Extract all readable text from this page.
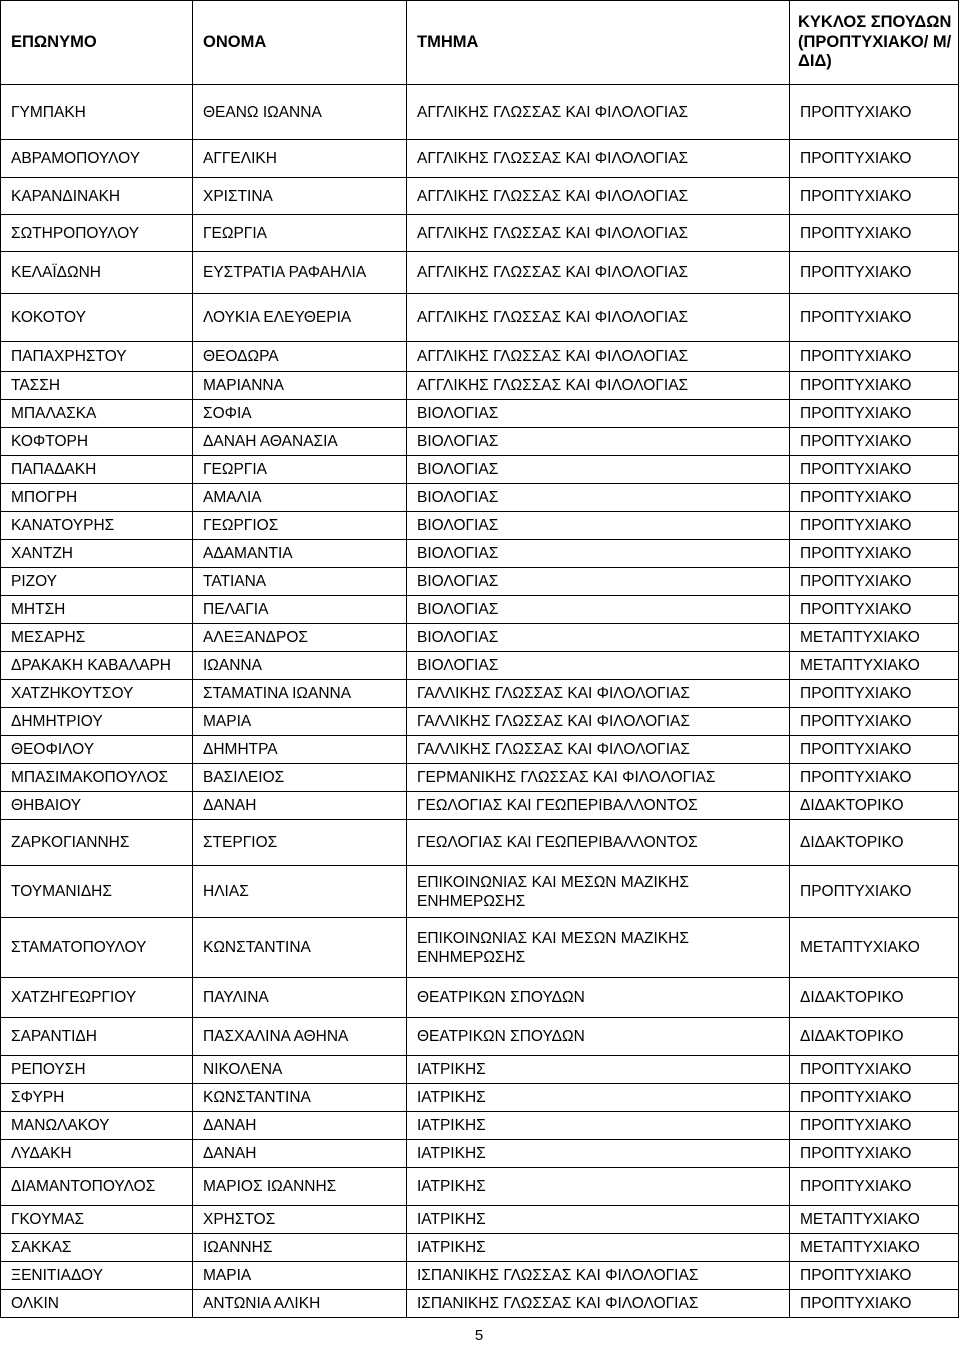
ΕΠΩΝΥΜΟ	ΟΝΟΜΑ	ΤΜΗΜΑ	ΚΥΚΛΟΣ ΣΠΟΥΔΩΝ (ΠΡΟΠΤΥΧΙΑΚΟ/ Μ/ΔΙΔ)
ΓΥΜΠΑΚΗ	ΘΕΑΝΩ ΙΩΑΝΝΑ	ΑΓΓΛΙΚΗΣ ΓΛΩΣΣΑΣ ΚΑΙ ΦΙΛΟΛΟΓΙΑΣ	ΠΡΟΠΤΥΧΙΑΚΟ
ΑΒΡΑΜΟΠΟΥΛΟΥ	ΑΓΓΕΛΙΚΗ	ΑΓΓΛΙΚΗΣ ΓΛΩΣΣΑΣ ΚΑΙ ΦΙΛΟΛΟΓΙΑΣ	ΠΡΟΠΤΥΧΙΑΚΟ
ΚΑΡΑΝΔΙΝΑΚΗ	ΧΡΙΣΤΙΝΑ	ΑΓΓΛΙΚΗΣ ΓΛΩΣΣΑΣ ΚΑΙ ΦΙΛΟΛΟΓΙΑΣ	ΠΡΟΠΤΥΧΙΑΚΟ
ΣΩΤΗΡΟΠΟΥΛΟΥ	ΓΕΩΡΓΙΑ	ΑΓΓΛΙΚΗΣ ΓΛΩΣΣΑΣ ΚΑΙ ΦΙΛΟΛΟΓΙΑΣ	ΠΡΟΠΤΥΧΙΑΚΟ
ΚΕΛΑΪΔΩΝΗ	ΕΥΣΤΡΑΤΙΑ ΡΑΦΑΗΛΙΑ	ΑΓΓΛΙΚΗΣ ΓΛΩΣΣΑΣ ΚΑΙ ΦΙΛΟΛΟΓΙΑΣ	ΠΡΟΠΤΥΧΙΑΚΟ
ΚΟΚΟΤΟΥ	ΛΟΥΚΙΑ ΕΛΕΥΘΕΡΙΑ	ΑΓΓΛΙΚΗΣ ΓΛΩΣΣΑΣ ΚΑΙ ΦΙΛΟΛΟΓΙΑΣ	ΠΡΟΠΤΥΧΙΑΚΟ
ΠΑΠΑΧΡΗΣΤΟΥ	ΘΕΟΔΩΡΑ	ΑΓΓΛΙΚΗΣ ΓΛΩΣΣΑΣ ΚΑΙ ΦΙΛΟΛΟΓΙΑΣ	ΠΡΟΠΤΥΧΙΑΚΟ
ΤΑΣΣΗ	ΜΑΡΙΑΝΝΑ	ΑΓΓΛΙΚΗΣ ΓΛΩΣΣΑΣ ΚΑΙ ΦΙΛΟΛΟΓΙΑΣ	ΠΡΟΠΤΥΧΙΑΚΟ
ΜΠΑΛΑΣΚΑ	ΣΟΦΙΑ	ΒΙΟΛΟΓΙΑΣ	ΠΡΟΠΤΥΧΙΑΚΟ
ΚΟΦΤΟΡΗ	ΔΑΝΑΗ ΑΘΑΝΑΣΙΑ	ΒΙΟΛΟΓΙΑΣ	ΠΡΟΠΤΥΧΙΑΚΟ
ΠΑΠΑΔΑΚΗ	ΓΕΩΡΓΙΑ	ΒΙΟΛΟΓΙΑΣ	ΠΡΟΠΤΥΧΙΑΚΟ
ΜΠΟΓΡΗ	ΑΜΑΛΙΑ	ΒΙΟΛΟΓΙΑΣ	ΠΡΟΠΤΥΧΙΑΚΟ
ΚΑΝΑΤΟΥΡΗΣ	ΓΕΩΡΓΙΟΣ	ΒΙΟΛΟΓΙΑΣ	ΠΡΟΠΤΥΧΙΑΚΟ
ΧΑΝΤΖΗ	ΑΔΑΜΑΝΤΙΑ	ΒΙΟΛΟΓΙΑΣ	ΠΡΟΠΤΥΧΙΑΚΟ
ΡΙΖΟΥ	ΤΑΤΙΑΝΑ	ΒΙΟΛΟΓΙΑΣ	ΠΡΟΠΤΥΧΙΑΚΟ
ΜΗΤΣΗ	ΠΕΛΑΓΙΑ	ΒΙΟΛΟΓΙΑΣ	ΠΡΟΠΤΥΧΙΑΚΟ
ΜΕΣΑΡΗΣ	ΑΛΕΞΑΝΔΡΟΣ	ΒΙΟΛΟΓΙΑΣ	ΜΕΤΑΠΤΥΧΙΑΚΟ
ΔΡΑΚΑΚΗ ΚΑΒΑΛΑΡΗ	ΙΩΑΝΝΑ	ΒΙΟΛΟΓΙΑΣ	ΜΕΤΑΠΤΥΧΙΑΚΟ
ΧΑΤΖΗΚΟΥΤΣΟΥ	ΣΤΑΜΑΤΙΝΑ ΙΩΑΝΝΑ	ΓΑΛΛΙΚΗΣ ΓΛΩΣΣΑΣ ΚΑΙ ΦΙΛΟΛΟΓΙΑΣ	ΠΡΟΠΤΥΧΙΑΚΟ
ΔΗΜΗΤΡΙΟΥ	ΜΑΡΙΑ	ΓΑΛΛΙΚΗΣ ΓΛΩΣΣΑΣ ΚΑΙ ΦΙΛΟΛΟΓΙΑΣ	ΠΡΟΠΤΥΧΙΑΚΟ
ΘΕΟΦΙΛΟΥ	ΔΗΜΗΤΡΑ	ΓΑΛΛΙΚΗΣ ΓΛΩΣΣΑΣ ΚΑΙ ΦΙΛΟΛΟΓΙΑΣ	ΠΡΟΠΤΥΧΙΑΚΟ
ΜΠΑΣΙΜΑΚΟΠΟΥΛΟΣ	ΒΑΣΙΛΕΙΟΣ	ΓΕΡΜΑΝΙΚΗΣ ΓΛΩΣΣΑΣ ΚΑΙ ΦΙΛΟΛΟΓΙΑΣ	ΠΡΟΠΤΥΧΙΑΚΟ
ΘΗΒΑΙΟΥ	ΔΑΝΑΗ	ΓΕΩΛΟΓΙΑΣ ΚΑΙ ΓΕΩΠΕΡΙΒΑΛΛΟΝΤΟΣ	ΔΙΔΑΚΤΟΡΙΚΟ
ΖΑΡΚΟΓΙΑΝΝΗΣ	ΣΤΕΡΓΙΟΣ	ΓΕΩΛΟΓΙΑΣ ΚΑΙ ΓΕΩΠΕΡΙΒΑΛΛΟΝΤΟΣ	ΔΙΔΑΚΤΟΡΙΚΟ
ΤΟΥΜΑΝΙΔΗΣ	ΗΛΙΑΣ	ΕΠΙΚΟΙΝΩΝΙΑΣ ΚΑΙ ΜΕΣΩΝ ΜΑΖΙΚΗΣ ΕΝΗΜΕΡΩΣΗΣ	ΠΡΟΠΤΥΧΙΑΚΟ
ΣΤΑΜΑΤΟΠΟΥΛΟΥ	ΚΩΝΣΤΑΝΤΙΝΑ	ΕΠΙΚΟΙΝΩΝΙΑΣ ΚΑΙ ΜΕΣΩΝ ΜΑΖΙΚΗΣ ΕΝΗΜΕΡΩΣΗΣ	ΜΕΤΑΠΤΥΧΙΑΚΟ
ΧΑΤΖΗΓΕΩΡΓΙΟΥ	ΠΑΥΛΙΝΑ	ΘΕΑΤΡΙΚΩΝ ΣΠΟΥΔΩΝ	ΔΙΔΑΚΤΟΡΙΚΟ
ΣΑΡΑΝΤΙΔΗ	ΠΑΣΧΑΛΙΝΑ ΑΘΗΝΑ	ΘΕΑΤΡΙΚΩΝ ΣΠΟΥΔΩΝ	ΔΙΔΑΚΤΟΡΙΚΟ
ΡΕΠΟΥΣΗ	ΝΙΚΟΛΕΝΑ	ΙΑΤΡΙΚΗΣ	ΠΡΟΠΤΥΧΙΑΚΟ
ΣΦΥΡΗ	ΚΩΝΣΤΑΝΤΙΝΑ	ΙΑΤΡΙΚΗΣ	ΠΡΟΠΤΥΧΙΑΚΟ
ΜΑΝΩΛΑΚΟΥ	ΔΑΝΑΗ	ΙΑΤΡΙΚΗΣ	ΠΡΟΠΤΥΧΙΑΚΟ
ΛΥΔΑΚΗ	ΔΑΝΑΗ	ΙΑΤΡΙΚΗΣ	ΠΡΟΠΤΥΧΙΑΚΟ
ΔΙΑΜΑΝΤΟΠΟΥΛΟΣ	ΜΑΡΙΟΣ ΙΩΑΝΝΗΣ	ΙΑΤΡΙΚΗΣ	ΠΡΟΠΤΥΧΙΑΚΟ
ΓΚΟΥΜΑΣ	ΧΡΗΣΤΟΣ	ΙΑΤΡΙΚΗΣ	ΜΕΤΑΠΤΥΧΙΑΚΟ
ΣΑΚΚΑΣ	ΙΩΑΝΝΗΣ	ΙΑΤΡΙΚΗΣ	ΜΕΤΑΠΤΥΧΙΑΚΟ
ΞΕΝΙΤΙΑΔΟΥ	ΜΑΡΙΑ	ΙΣΠΑΝΙΚΗΣ ΓΛΩΣΣΑΣ ΚΑΙ ΦΙΛΟΛΟΓΙΑΣ	ΠΡΟΠΤΥΧΙΑΚΟ
ΟΛΚΙΝ	ΑΝΤΩΝΙΑ ΑΛΙΚΗ	ΙΣΠΑΝΙΚΗΣ ΓΛΩΣΣΑΣ ΚΑΙ ΦΙΛΟΛΟΓΙΑΣ	ΠΡΟΠΤΥΧΙΑΚΟ
5
